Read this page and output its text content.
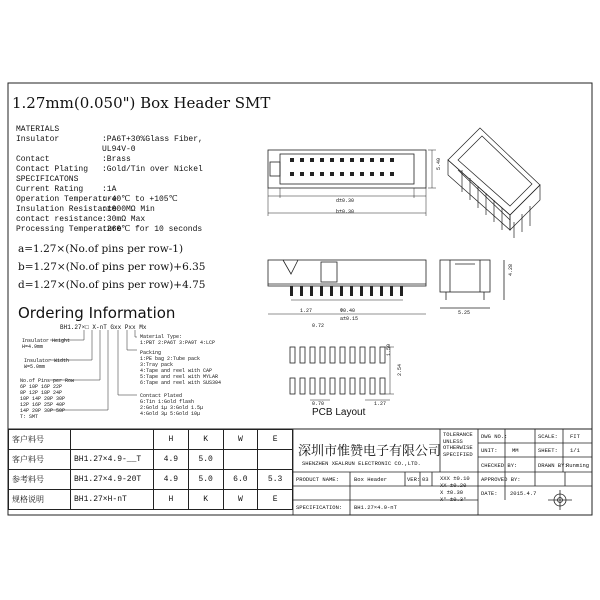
1.27mm(0.050") Box Header SMT
MATERIALS
Insulator	:PA6T+30%Glass Fiber,
UL94V-0
Contact	:Brass
Contact Plating	:Gold/Tin over Nickel
SPECIFICATONS
Current Rating	:1A
Operation Temperature
:-40℃ to +105℃
Insulation Resistance
:1000MΩ Min
contact resistance :30mΩ Max
Processing Temperature
:260℃ for 10 seconds
a=1.27×(No.of pins per row-1)
b=1.27×(No.of pins per row)+6.35
d=1.27×(No.of pins per row)+4.75
Ordering Information
BH1.27×□ X-nT Gxx Pxx Mx
Insulator Height
H=4.9mm
Insulator Width
W=5.0mm
No.of Pins per Row
6P 10P 16P 22P
8P 12P 18P 24P
10P 14P 20P 30P
12P 16P 25P 40P
14P 20P 30P 50P
T: SMT
Material Type:
1:PBT 2:PA6T 3:PA9T 4:LCP
Packing
1:PE bag 2:Tube pack
3:Tray pack
4:Tape and reel with CAP
5:Tape and reel with MYLAR
6:Tape and reel with SUS304
Contact Plated
G:Tin 1:Gold flash
2:Gold 1μ 3:Gold 1.5μ
4:Gold 3μ 5:Gold 10μ
d±0.30
b±0.30
5.40
1.27	Φ0.40
a±0.15
0.72
5.25
4.28
1.50
2.54
0.70	1.27
PCB Layout
客户料号		H	K	W	E
客户料号	BH1.27×4.9-__T	4.9	5.0		
参考料号	BH1.27×4.9-20T	4.9	5.0	6.0	5.3
规格说明	BH1.27×H-nT	H	K	W	E
深圳市惟赞电子有限公司
SHENZHEN XEALRUN ELECTRONIC CO.,LTD.
TOLERANCE
UNLESS
OTHERWISE
SPECIFIED
XXX ±0.10
XX ±0.20
X ±0.30
X° ±0.3°
DWG NO.:	SCALE: FIT
UNIT:	MM	SHEET: 1/1
CHECKED BY:	DRAWN BY:
Runming
APPROVED BY:
DATE: 2015.4.7
PRODUCT NAME:	Box Header	VER: 03
SPECIFICATION: BH1.27×4.9-nT
